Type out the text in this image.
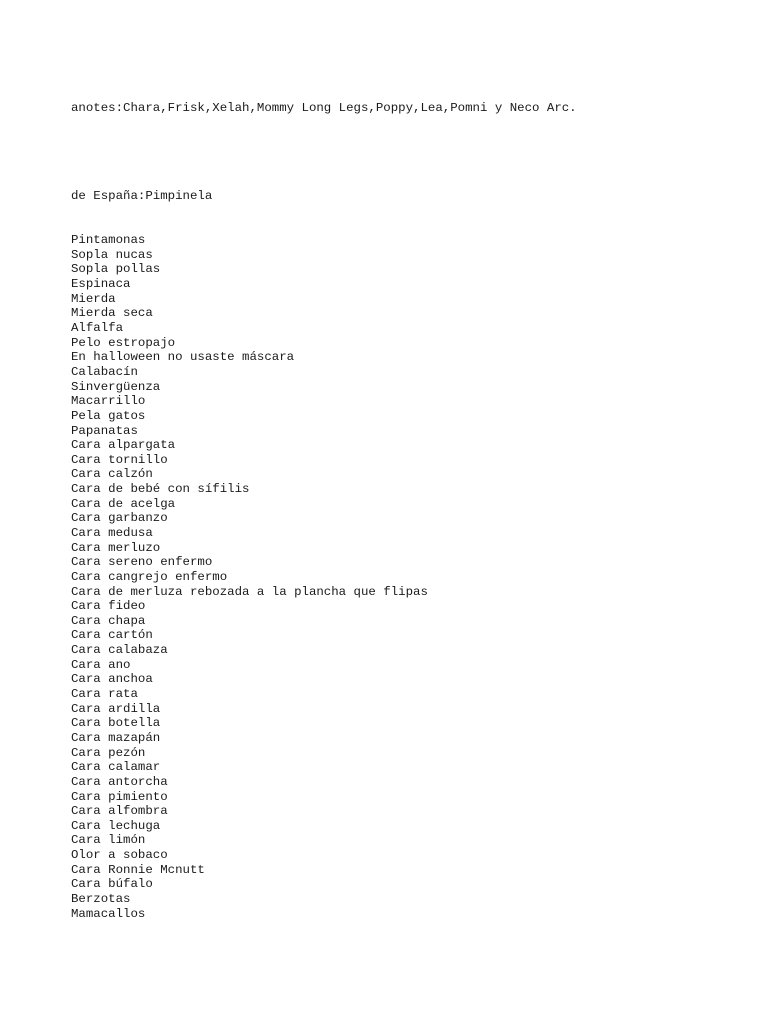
anotes:Chara,Frisk,Xelah,Mommy Long Legs,Poppy,Lea,Pomni y Neco Arc.

de España:Pimpinela

Pintamonas
Sopla nucas
Sopla pollas
Espinaca
Mierda
Mierda seca
Alfalfa
Pelo estropajo
En halloween no usaste máscara
Calabacín
Sinvergüenza
Macarrillo
Pela gatos
Papanatas
Cara alpargata
Cara tornillo
Cara calzón
Cara de bebé con sífilis
Cara de acelga
Cara garbanzo
Cara medusa
Cara merluzo
Cara sereno enfermo
Cara cangrejo enfermo
Cara de merluza rebozada a la plancha que flipas
Cara fideo
Cara chapa
Cara cartón
Cara calabaza
Cara ano
Cara anchoa
Cara rata
Cara ardilla
Cara botella
Cara mazapán
Cara pezón
Cara calamar
Cara antorcha
Cara pimiento
Cara alfombra
Cara lechuga
Cara limón
Olor a sobaco
Cara Ronnie Mcnutt
Cara búfalo
Berzotas
Mamacallos
